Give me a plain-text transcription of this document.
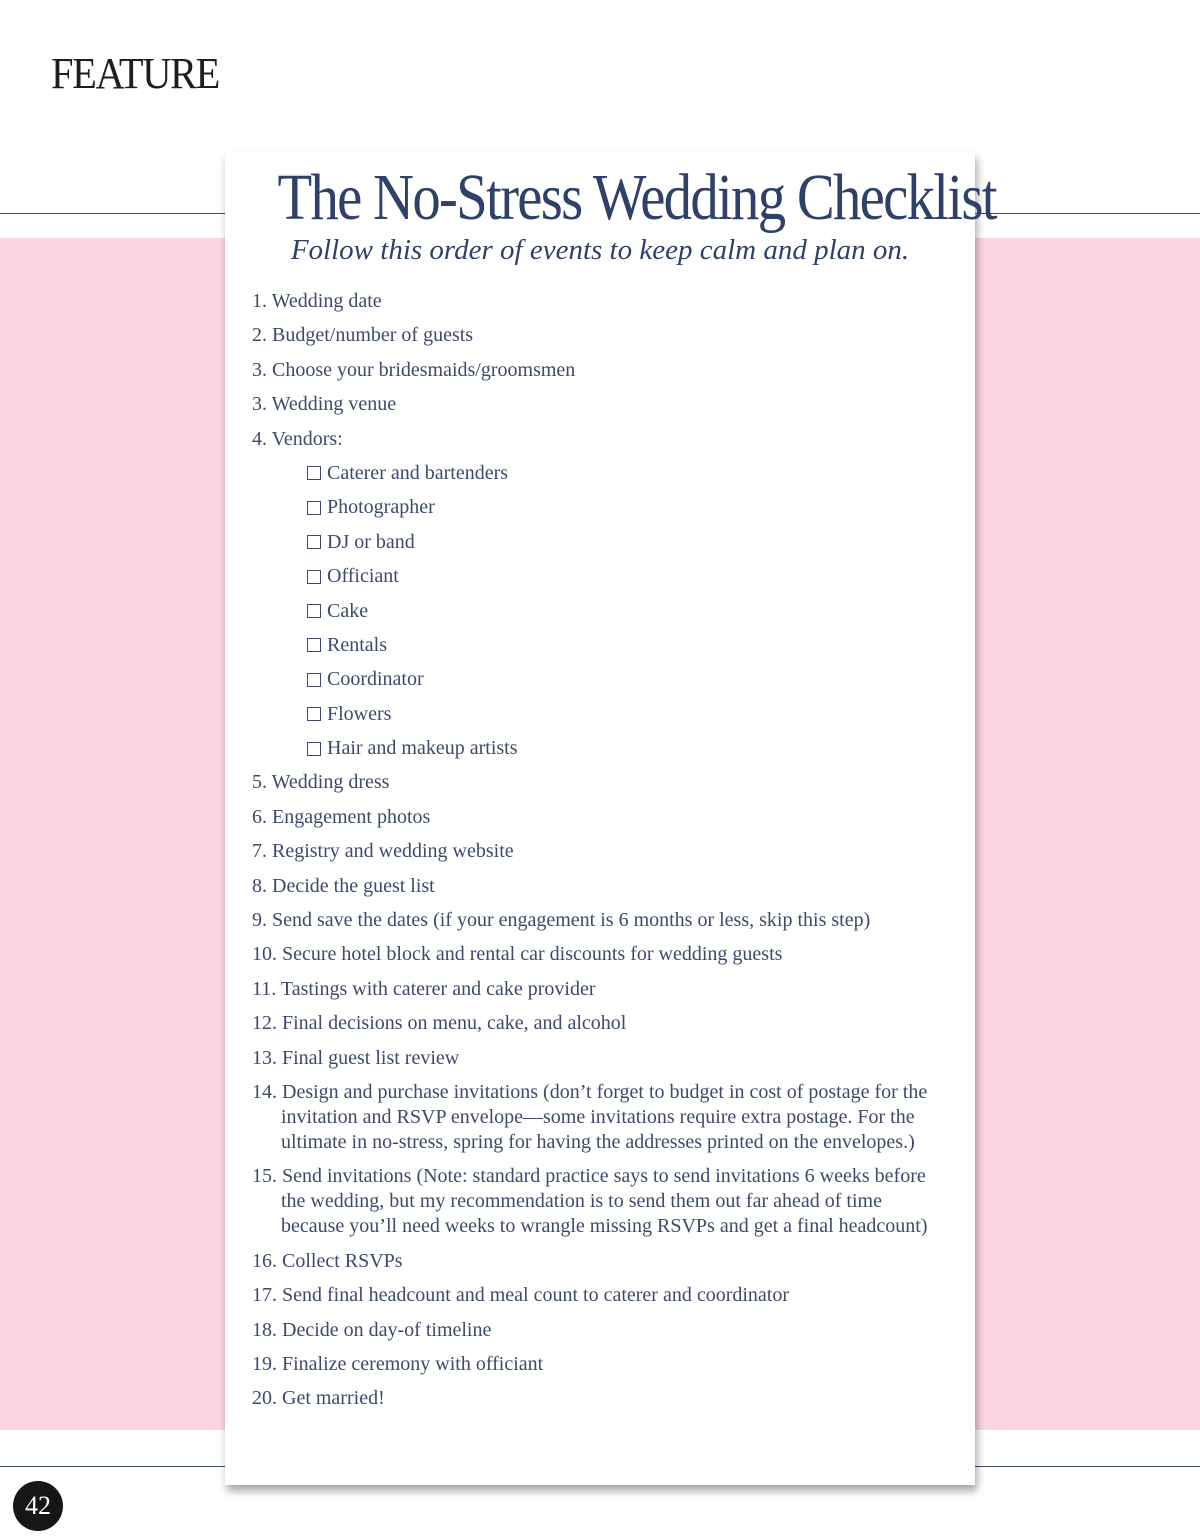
FEATURE
The No-Stress Wedding Checklist
Follow this order of events to keep calm and plan on.
1. Wedding date
2. Budget/number of guests
3. Choose your bridesmaids/groomsmen
3. Wedding venue
4. Vendors:
Caterer and bartenders
Photographer
DJ or band
Officiant
Cake
Rentals
Coordinator
Flowers
Hair and makeup artists
5. Wedding dress
6. Engagement photos
7. Registry and wedding website
8. Decide the guest list
9. Send save the dates (if your engagement is 6 months or less, skip this step)
10. Secure hotel block and rental car discounts for wedding guests
11. Tastings with caterer and cake provider
12. Final decisions on menu, cake, and alcohol
13. Final guest list review
14. Design and purchase invitations (don’t forget to budget in cost of postage for the invitation and RSVP envelope—some invitations require extra postage. For the ultimate in no-stress, spring for having the addresses printed on the envelopes.)
15. Send invitations (Note: standard practice says to send invitations 6 weeks before the wedding, but my recommendation is to send them out far ahead of time because you’ll need weeks to wrangle missing RSVPs and get a final headcount)
16. Collect RSVPs
17. Send final headcount and meal count to caterer and coordinator
18. Decide on day-of timeline
19. Finalize ceremony with officiant
20. Get married!
42
